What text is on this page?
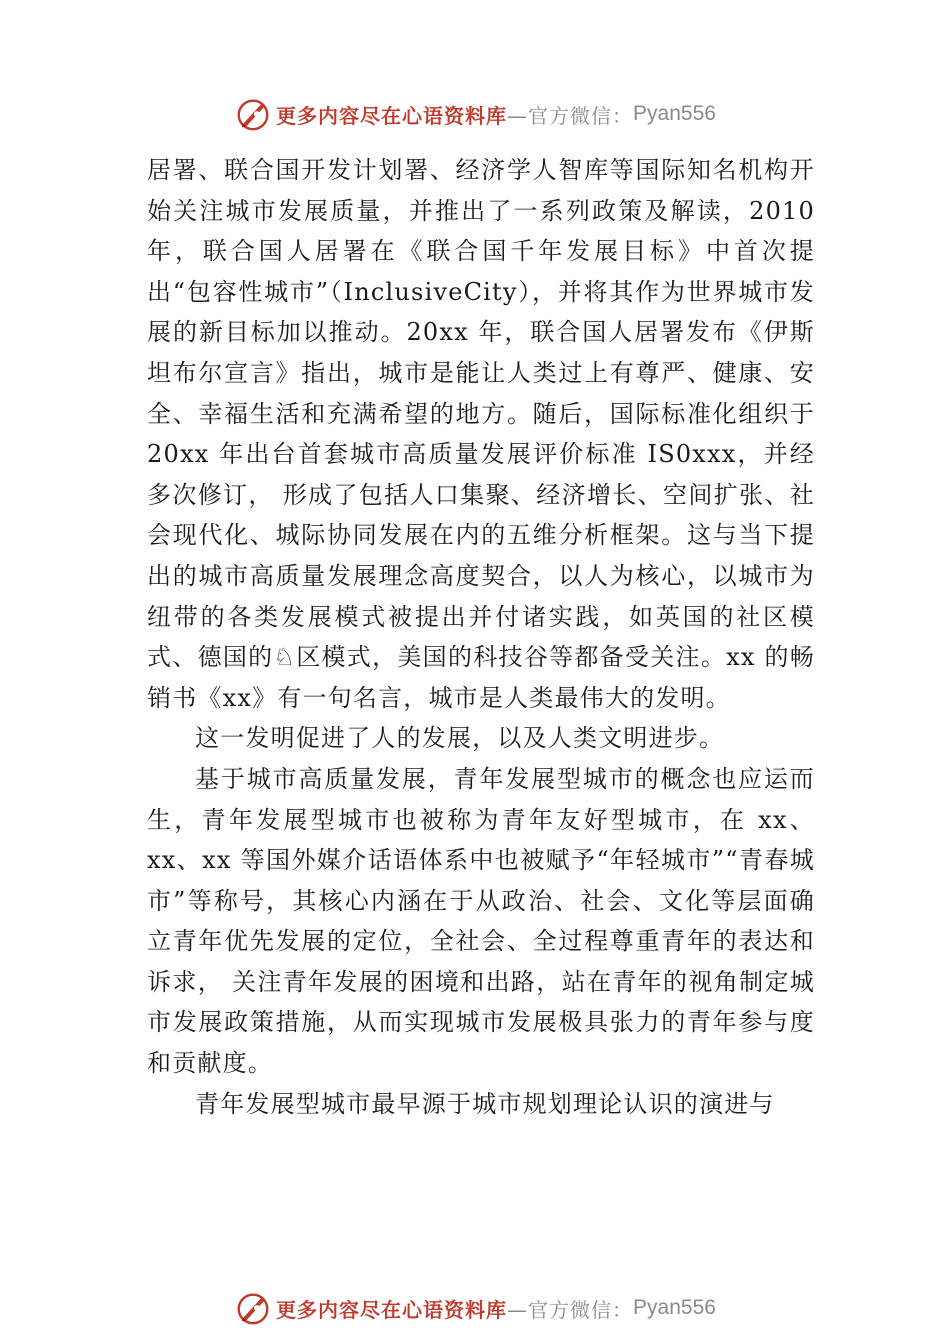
更多内容尽在心语资料库 —官方微信： Pyan556

居署、联合国开发计划署、经济学人智库等国际知名机构开始关注城市发展质量，并推出了一系列政策及解读，2010 年，联合国人居署在《联合国千年发展目标》中首次提出“包容性城市”（InclusiveCity），并将其作为世界城市发展的新目标加以推动。20xx 年，联合国人居署发布《伊斯坦布尔宣言》指出，城市是能让人类过上有尊严、健康、安全、幸福生活和充满希望的地方。随后，国际标准化组织于 20xx 年出台首套城市高质量发展评价标准 IS0xxx，并经多次修订， 形成了包括人口集聚、经济增长、空间扩张、社会现代化、城际协同发展在内的五维分析框架。这与当下提出的城市高质量发展理念高度契合，以人为核心，以城市为纽带的各类发展模式被提出并付诸实践，如英国的社区模式、德国的♘区模式，美国的科技谷等都备受关注。xx 的畅销书《xx》有一句名言，城市是人类最伟大的发明。

这一发明促进了人的发展，以及人类文明进步。

基于城市高质量发展，青年发展型城市的概念也应运而生，青年发展型城市也被称为青年友好型城市，在 xx、xx、xx 等国外媒介话语体系中也被赋予“年轻城市”“青春城市”等称号，其核心内涵在于从政治、社会、文化等层面确立青年优先发展的定位，全社会、全过程尊重青年的表达和诉求， 关注青年发展的困境和出路，站在青年的视角制定城市发展政策措施，从而实现城市发展极具张力的青年参与度和贡献度。

青年发展型城市最早源于城市规划理论认识的演进与

更多内容尽在心语资料库 —官方微信： Pyan556
